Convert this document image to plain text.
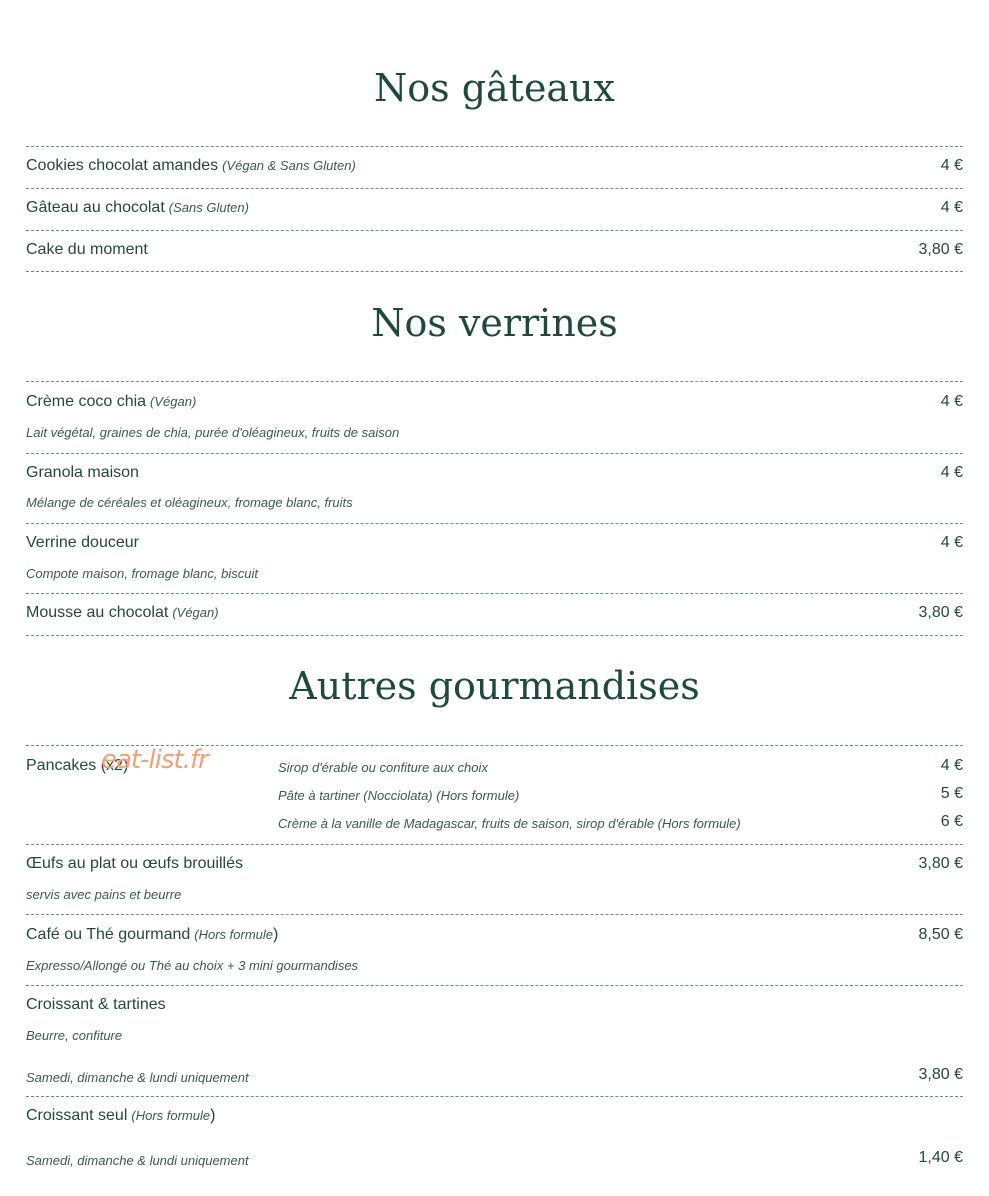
Nos gâteaux
Cookies chocolat amandes (Végan & Sans Gluten)	4 €
Gâteau au chocolat (Sans Gluten)	4 €
Cake du moment	3,80 €
Nos verrines
Crème coco chia (Végan)	4 €
Lait végétal, graines de chia, purée d'oléagineux, fruits de saison
Granola maison	4 €
Mélange de céréales et oléagineux, fromage blanc, fruits
Verrine douceur	4 €
Compote maison, fromage blanc, biscuit
Mousse au chocolat (Végan)	3,80 €
Autres gourmandises
Pancakes (x2)	Sirop d'érable ou confiture aux choix	4 €
Pâte à tartiner (Nocciolata) (Hors formule)	5 €
Crème à la vanille de Madagascar, fruits de saison, sirop d'érable (Hors formule)	6 €
Œufs au plat ou œufs brouillés	3,80 €
servis avec pains et beurre
Café ou Thé gourmand (Hors formule)	8,50 €
Expresso/Allongé ou Thé au choix + 3 mini gourmandises
Croissant & tartines
Beurre, confiture
Samedi, dimanche & lundi uniquement	3,80 €
Croissant seul (Hors formule)
Samedi, dimanche & lundi uniquement	1,40 €
eat-list.fr
